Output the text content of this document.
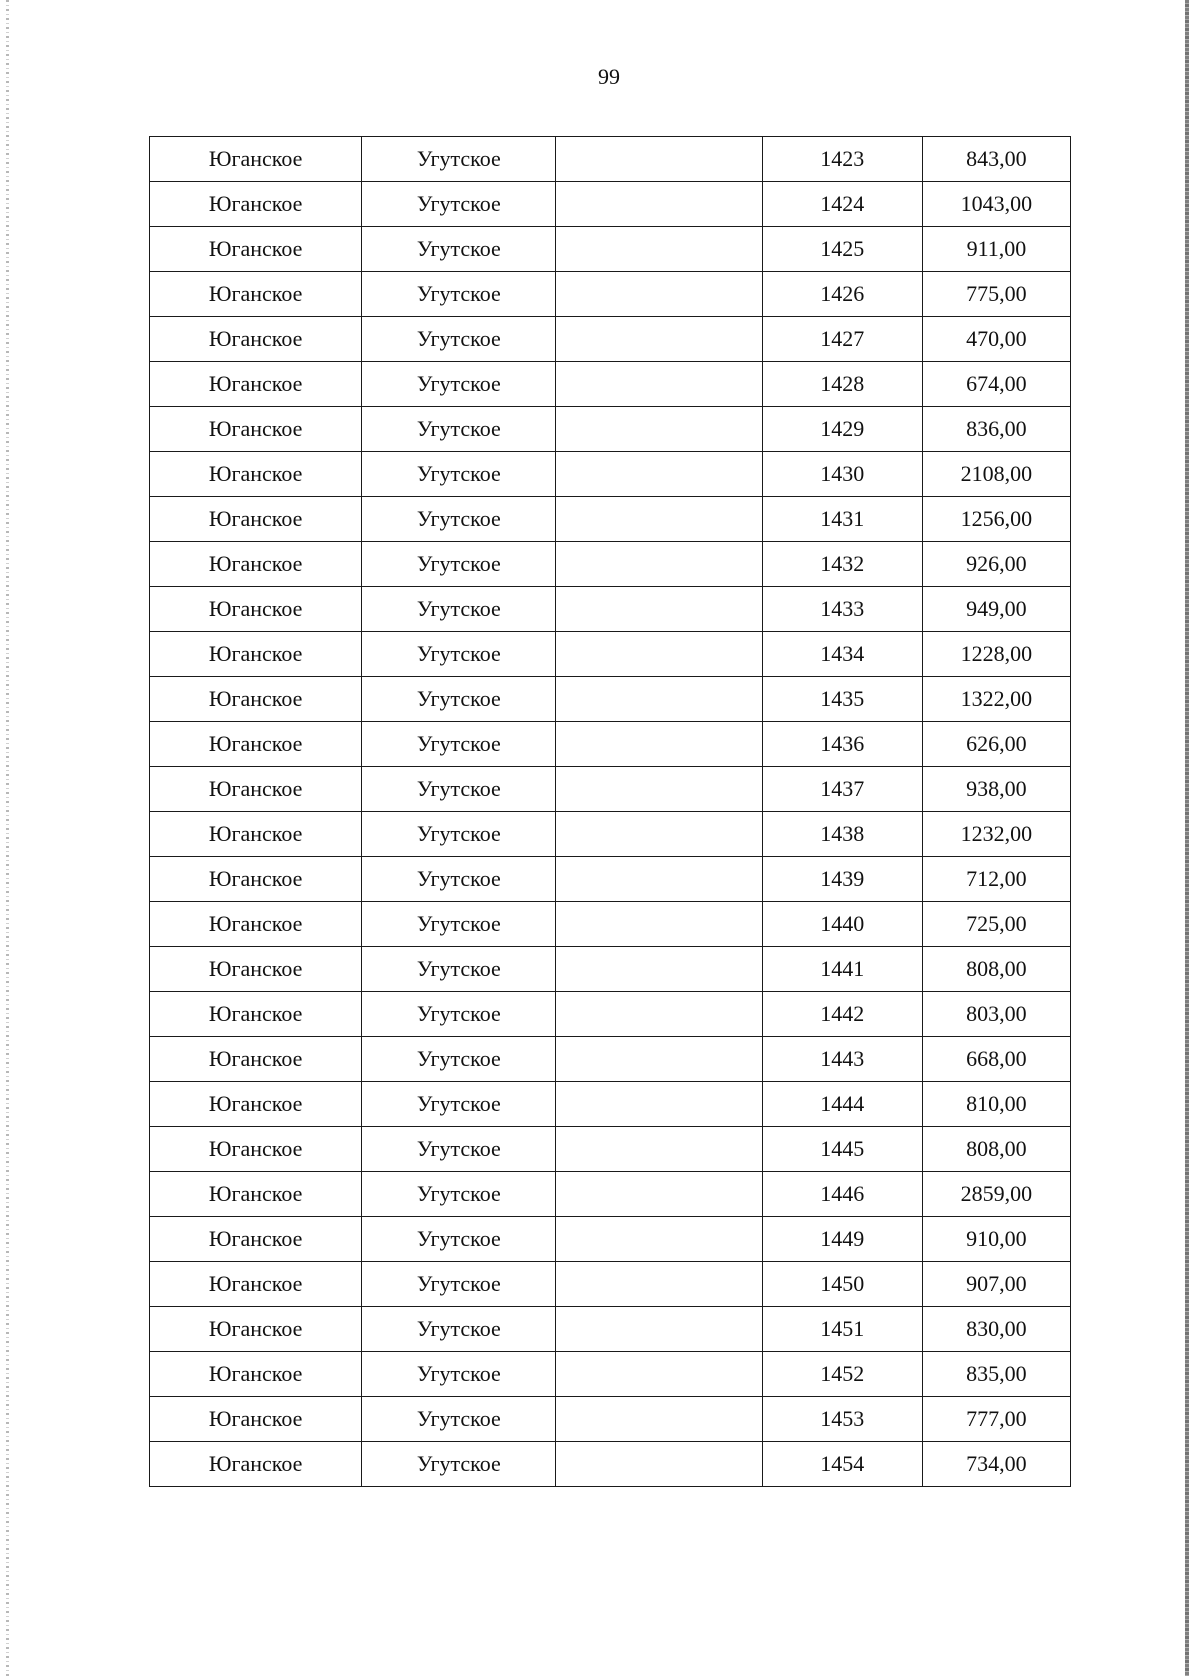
99
Юганское	Угутское		1423	843,00
Юганское	Угутское		1424	1043,00
Юганское	Угутское		1425	911,00
Юганское	Угутское		1426	775,00
Юганское	Угутское		1427	470,00
Юганское	Угутское		1428	674,00
Юганское	Угутское		1429	836,00
Юганское	Угутское		1430	2108,00
Юганское	Угутское		1431	1256,00
Юганское	Угутское		1432	926,00
Юганское	Угутское		1433	949,00
Юганское	Угутское		1434	1228,00
Юганское	Угутское		1435	1322,00
Юганское	Угутское		1436	626,00
Юганское	Угутское		1437	938,00
Юганское	Угутское		1438	1232,00
Юганское	Угутское		1439	712,00
Юганское	Угутское		1440	725,00
Юганское	Угутское		1441	808,00
Юганское	Угутское		1442	803,00
Юганское	Угутское		1443	668,00
Юганское	Угутское		1444	810,00
Юганское	Угутское		1445	808,00
Юганское	Угутское		1446	2859,00
Юганское	Угутское		1449	910,00
Юганское	Угутское		1450	907,00
Юганское	Угутское		1451	830,00
Юганское	Угутское		1452	835,00
Юганское	Угутское		1453	777,00
Юганское	Угутское		1454	734,00
